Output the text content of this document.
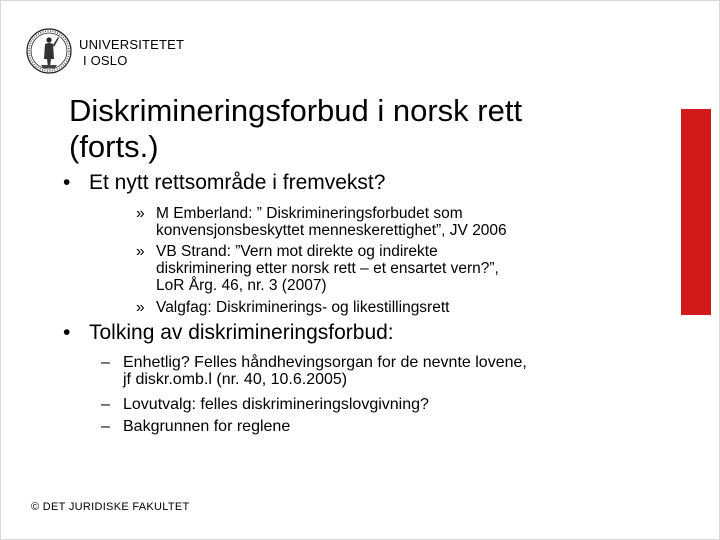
UNIVERSITETET
I OSLO
Diskrimineringsforbud i norsk rett
(forts.)
• Et nytt rettsområde i fremvekst?
» M Emberland: ” Diskrimineringsforbudet som
konvensjonsbeskyttet menneskerettighet”, JV 2006
» VB Strand: ”Vern mot direkte og indirekte
diskriminering etter norsk rett – et ensartet vern?”,
LoR Årg. 46, nr. 3 (2007)
» Valgfag: Diskriminerings- og likestillingsrett
• Tolking av diskrimineringsforbud:
– Enhetlig? Felles håndhevingsorgan for de nevnte lovene,
jf diskr.omb.l (nr. 40, 10.6.2005)
– Lovutvalg: felles diskrimineringslovgivning?
– Bakgrunnen for reglene
© DET JURIDISKE FAKULTET
